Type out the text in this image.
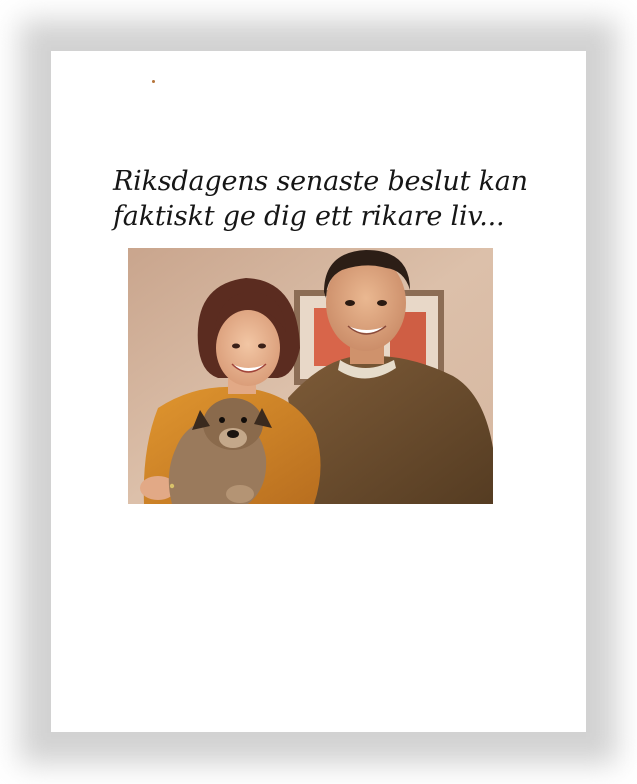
Riksdagens senaste beslut kan
faktiskt ge dig ett rikare liv...
